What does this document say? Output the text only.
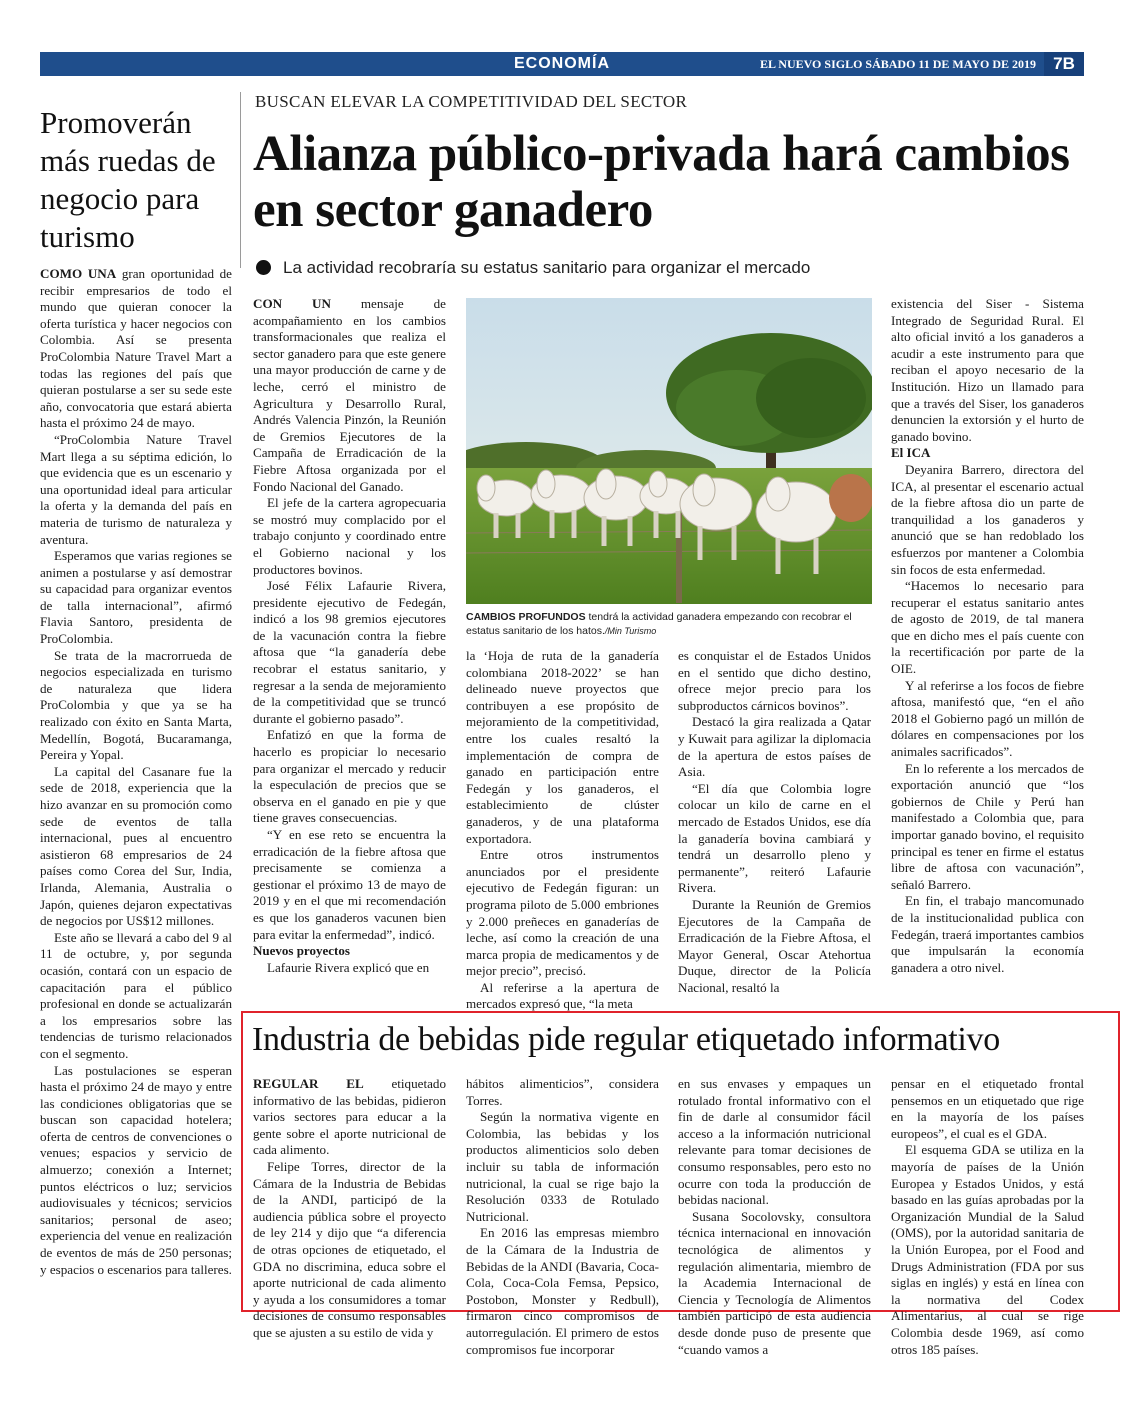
ECONOMÍA	EL NUEVO SIGLO SÁBADO 11 DE MAYO DE 2019	7B
Promoverán más ruedas de negocio para turismo

COMO UNA gran oportunidad de recibir empresarios de todo el mundo que quieran conocer la oferta turística y hacer negocios con Colombia. Así se presenta ProColombia Nature Travel Mart a todas las regiones del país que quieran postularse a ser su sede este año, convocatoria que estará abierta hasta el próximo 24 de mayo.

“ProColombia Nature Travel Mart llega a su séptima edición, lo que evidencia que es un escenario y una oportunidad ideal para articular la oferta y la demanda del país en materia de turismo de naturaleza y aventura.

Esperamos que varias regiones se animen a postularse y así demostrar su capacidad para organizar eventos de talla internacional”, afirmó Flavia Santoro, presidenta de ProColombia.

Se trata de la macrorrueda de negocios especializada en turismo de naturaleza que lidera ProColombia y que ya se ha realizado con éxito en Santa Marta, Medellín, Bogotá, Bucaramanga, Pereira y Yopal.

La capital del Casanare fue la sede de 2018, experiencia que la hizo avanzar en su promoción como sede de eventos de talla internacional, pues al encuentro asistieron 68 empresarios de 24 países como Corea del Sur, India, Irlanda, Alemania, Australia o Japón, quienes dejaron expectativas de negocios por US$12 millones.

Este año se llevará a cabo del 9 al 11 de octubre, y, por segunda ocasión, contará con un espacio de capacitación para el público profesional en donde se actualizarán a los empresarios sobre las tendencias de turismo relacionados con el segmento.

Las postulaciones se esperan hasta el próximo 24 de mayo y entre las condiciones obligatorias que se buscan son capacidad hotelera; oferta de centros de convenciones o venues; espacios y servicio de almuerzo; conexión a Internet; puntos eléctricos o luz; servicios audiovisuales y técnicos; servicios sanitarios; personal de aseo; experiencia del venue en realización de eventos de más de 250 personas; y espacios o escenarios para talleres.

BUSCAN ELEVAR LA COMPETITIVIDAD DEL SECTOR
Alianza público-privada hará cambios en sector ganadero
La actividad recobraría su estatus sanitario para organizar el mercado

CON UN mensaje de acompañamiento en los cambios transformacionales que realiza el sector ganadero para que este genere una mayor producción de carne y de leche, cerró el ministro de Agricultura y Desarrollo Rural, Andrés Valencia Pinzón, la Reunión de Gremios Ejecutores de la Campaña de Erradicación de la Fiebre Aftosa organizada por el Fondo Nacional del Ganado.

El jefe de la cartera agropecuaria se mostró muy complacido por el trabajo conjunto y coordinado entre el Gobierno nacional y los productores bovinos.

José Félix Lafaurie Rivera, presidente ejecutivo de Fedegán, indicó a los 98 gremios ejecutores de la vacunación contra la fiebre aftosa que “la ganadería debe recobrar el estatus sanitario, y regresar a la senda de mejoramiento de la competitividad que se truncó durante el gobierno pasado”.

Enfatizó en que la forma de hacerlo es propiciar lo necesario para organizar el mercado y reducir la especulación de precios que se observa en el ganado en pie y que tiene graves consecuencias.

“Y en ese reto se encuentra la erradicación de la fiebre aftosa que precisamente se comienza a gestionar el próximo 13 de mayo de 2019 y en el que mi recomendación es que los ganaderos vacunen bien para evitar la enfermedad”, indicó.

Nuevos proyectos

Lafaurie Rivera explicó que en

CAMBIOS PROFUNDOS tendrá la actividad ganadera empezando con recobrar el estatus sanitario de los hatos./Min Turismo

la ‘Hoja de ruta de la ganadería colombiana 2018-2022’ se han delineado nueve proyectos que contribuyen a ese propósito de mejoramiento de la competitividad, entre los cuales resaltó la implementación de compra de ganado en participación entre Fedegán y los ganaderos, el establecimiento de clúster ganaderos, y de una plataforma exportadora.

Entre otros instrumentos anunciados por el presidente ejecutivo de Fedegán figuran: un programa piloto de 5.000 embriones y 2.000 preñeces en ganaderías de leche, así como la creación de una marca propia de medicamentos y de mejor precio”, precisó.

Al referirse a la apertura de mercados expresó que, “la meta

es conquistar el de Estados Unidos en el sentido que dicho destino, ofrece mejor precio para los subproductos cárnicos bovinos”.

Destacó la gira realizada a Qatar y Kuwait para agilizar la diplomacia de la apertura de estos países de Asia.

“El día que Colombia logre colocar un kilo de carne en el mercado de Estados Unidos, ese día la ganadería bovina cambiará y tendrá un desarrollo pleno y permanente”, reiteró Lafaurie Rivera.

Durante la Reunión de Gremios Ejecutores de la Campaña de Erradicación de la Fiebre Aftosa, el Mayor General, Oscar Atehortua Duque, director de la Policía Nacional, resaltó la

existencia del Siser - Sistema Integrado de Seguridad Rural. El alto oficial invitó a los ganaderos a acudir a este instrumento para que reciban el apoyo necesario de la Institución. Hizo un llamado para que a través del Siser, los ganaderos denuncien la extorsión y el hurto de ganado bovino.

El ICA

Deyanira Barrero, directora del ICA, al presentar el escenario actual de la fiebre aftosa dio un parte de tranquilidad a los ganaderos y anunció que se han redoblado los esfuerzos por mantener a Colombia sin focos de esta enfermedad.

“Hacemos lo necesario para recuperar el estatus sanitario antes de agosto de 2019, de tal manera que en dicho mes el país cuente con la recertificación por parte de la OIE.

Y al referirse a los focos de fiebre aftosa, manifestó que, “en el año 2018 el Gobierno pagó un millón de dólares en compensaciones por los animales sacrificados”.

En lo referente a los mercados de exportación anunció que “los gobiernos de Chile y Perú han manifestado a Colombia que, para importar ganado bovino, el requisito principal es tener en firme el estatus libre de aftosa con vacunación”, señaló Barrero.

En fin, el trabajo mancomunado de la institucionalidad publica con Fedegán, traerá importantes cambios que impulsarán la economía ganadera a otro nivel.

Industria de bebidas pide regular etiquetado informativo

REGULAR EL etiquetado informativo de las bebidas, pidieron varios sectores para educar a la gente sobre el aporte nutricional de cada alimento.

Felipe Torres, director de la Cámara de la Industria de Bebidas de la ANDI, participó de la audiencia pública sobre el proyecto de ley 214 y dijo que “a diferencia de otras opciones de etiquetado, el GDA no discrimina, educa sobre el aporte nutricional de cada alimento y ayuda a los consumidores a tomar decisiones de consumo responsables que se ajusten a su estilo de vida y

hábitos alimenticios”, considera Torres.

Según la normativa vigente en Colombia, las bebidas y los productos alimenticios solo deben incluir su tabla de información nutricional, la cual se rige bajo la Resolución 0333 de Rotulado Nutricional.

En 2016 las empresas miembro de la Cámara de la Industria de Bebidas de la ANDI (Bavaria, Coca-Cola, Coca-Cola Femsa, Pepsico, Postobon, Monster y Redbull), firmaron cinco compromisos de autorregulación. El primero de estos compromisos fue incorporar

en sus envases y empaques un rotulado frontal informativo con el fin de darle al consumidor fácil acceso a la información nutricional relevante para tomar decisiones de consumo responsables, pero esto no ocurre con toda la producción de bebidas nacional.

Susana Socolovsky, consultora técnica internacional en innovación tecnológica de alimentos y regulación alimentaria, miembro de la Academia Internacional de Ciencia y Tecnología de Alimentos también participó de esta audiencia desde donde puso de presente que “cuando vamos a

pensar en el etiquetado frontal pensemos en un etiquetado que rige en la mayoría de los países europeos”, el cual es el GDA.

El esquema GDA se utiliza en la mayoría de países de la Unión Europea y Estados Unidos, y está basado en las guías aprobadas por la Organización Mundial de la Salud (OMS), por la autoridad sanitaria de la Unión Europea, por el Food and Drugs Administration (FDA por sus siglas en inglés) y está en línea con la normativa del Codex Alimentarius, al cual se rige Colombia desde 1969, así como otros 185 países.
